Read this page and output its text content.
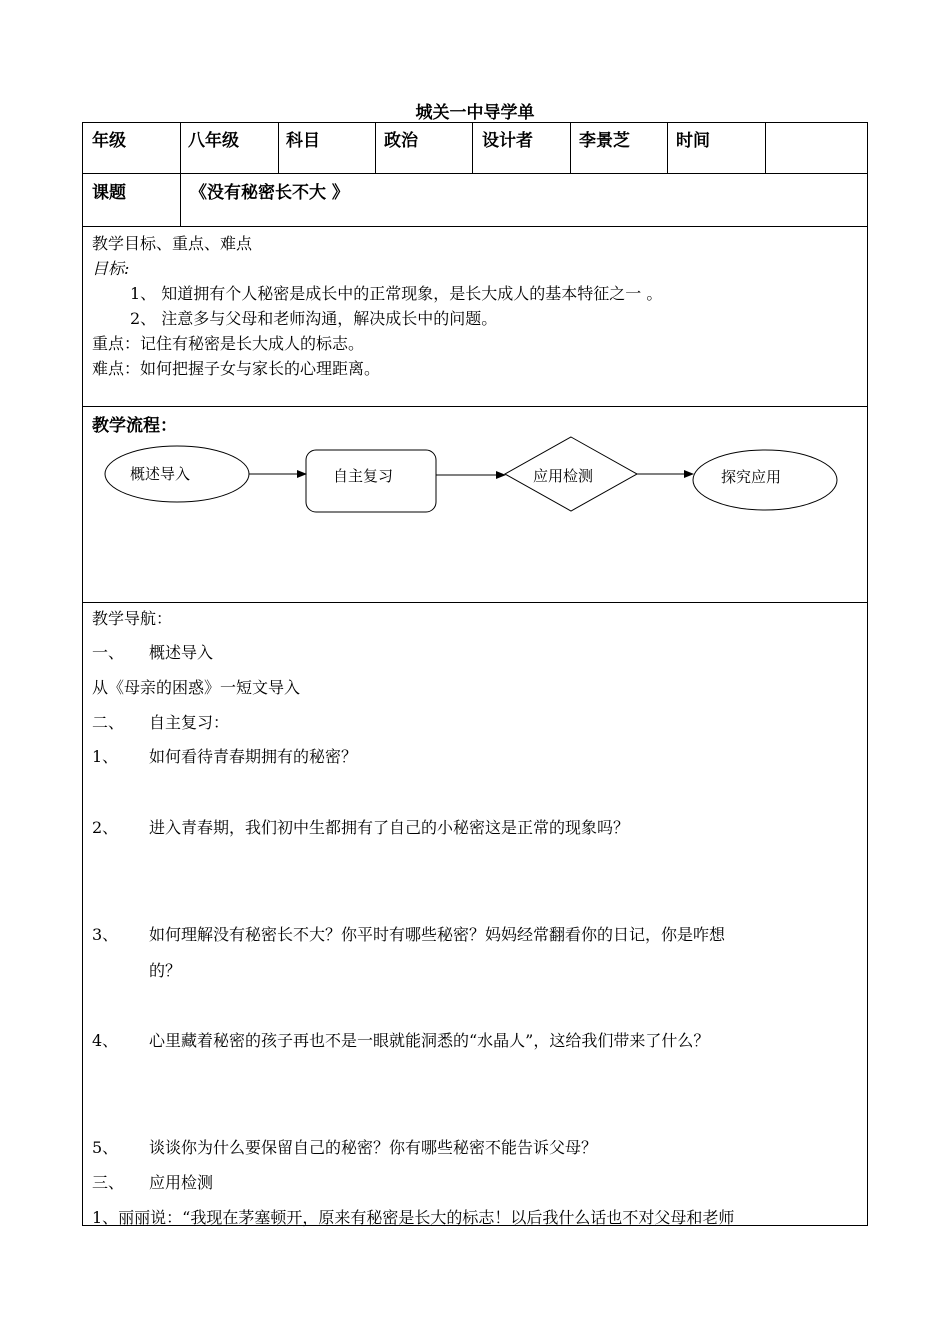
城关一中导学单
年级	八年级	科目	政治	设计者	李景芝	时间
课题	《没有秘密长不大 》
教学目标、重点、难点
目标:
1、 知道拥有个人秘密是成长中的正常现象，是长大成人的基本特征之一 。
2、 注意多与父母和老师沟通，解决成长中的问题。
重点：记住有秘密是长大成人的标志。
难点：如何把握子女与家长的心理距离。
教学流程：
概述导入	自主复习	应用检测	探究应用
教学导航：
一、 概述导入
从《母亲的困惑》一短文导入
二、 自主复习：
1、 如何看待青春期拥有的秘密？
2、 进入青春期，我们初中生都拥有了自己的小秘密这是正常的现象吗？
3、 如何理解没有秘密长不大？你平时有哪些秘密？妈妈经常翻看你的日记，你是咋想
的？
4、 心里藏着秘密的孩子再也不是一眼就能洞悉的“水晶人”，这给我们带来了什么？
5、 谈谈你为什么要保留自己的秘密？你有哪些秘密不能告诉父母？
三、 应用检测
1、丽丽说：“我现在茅塞顿开，原来有秘密是长大的标志！以后我什么话也不对父母和老师
